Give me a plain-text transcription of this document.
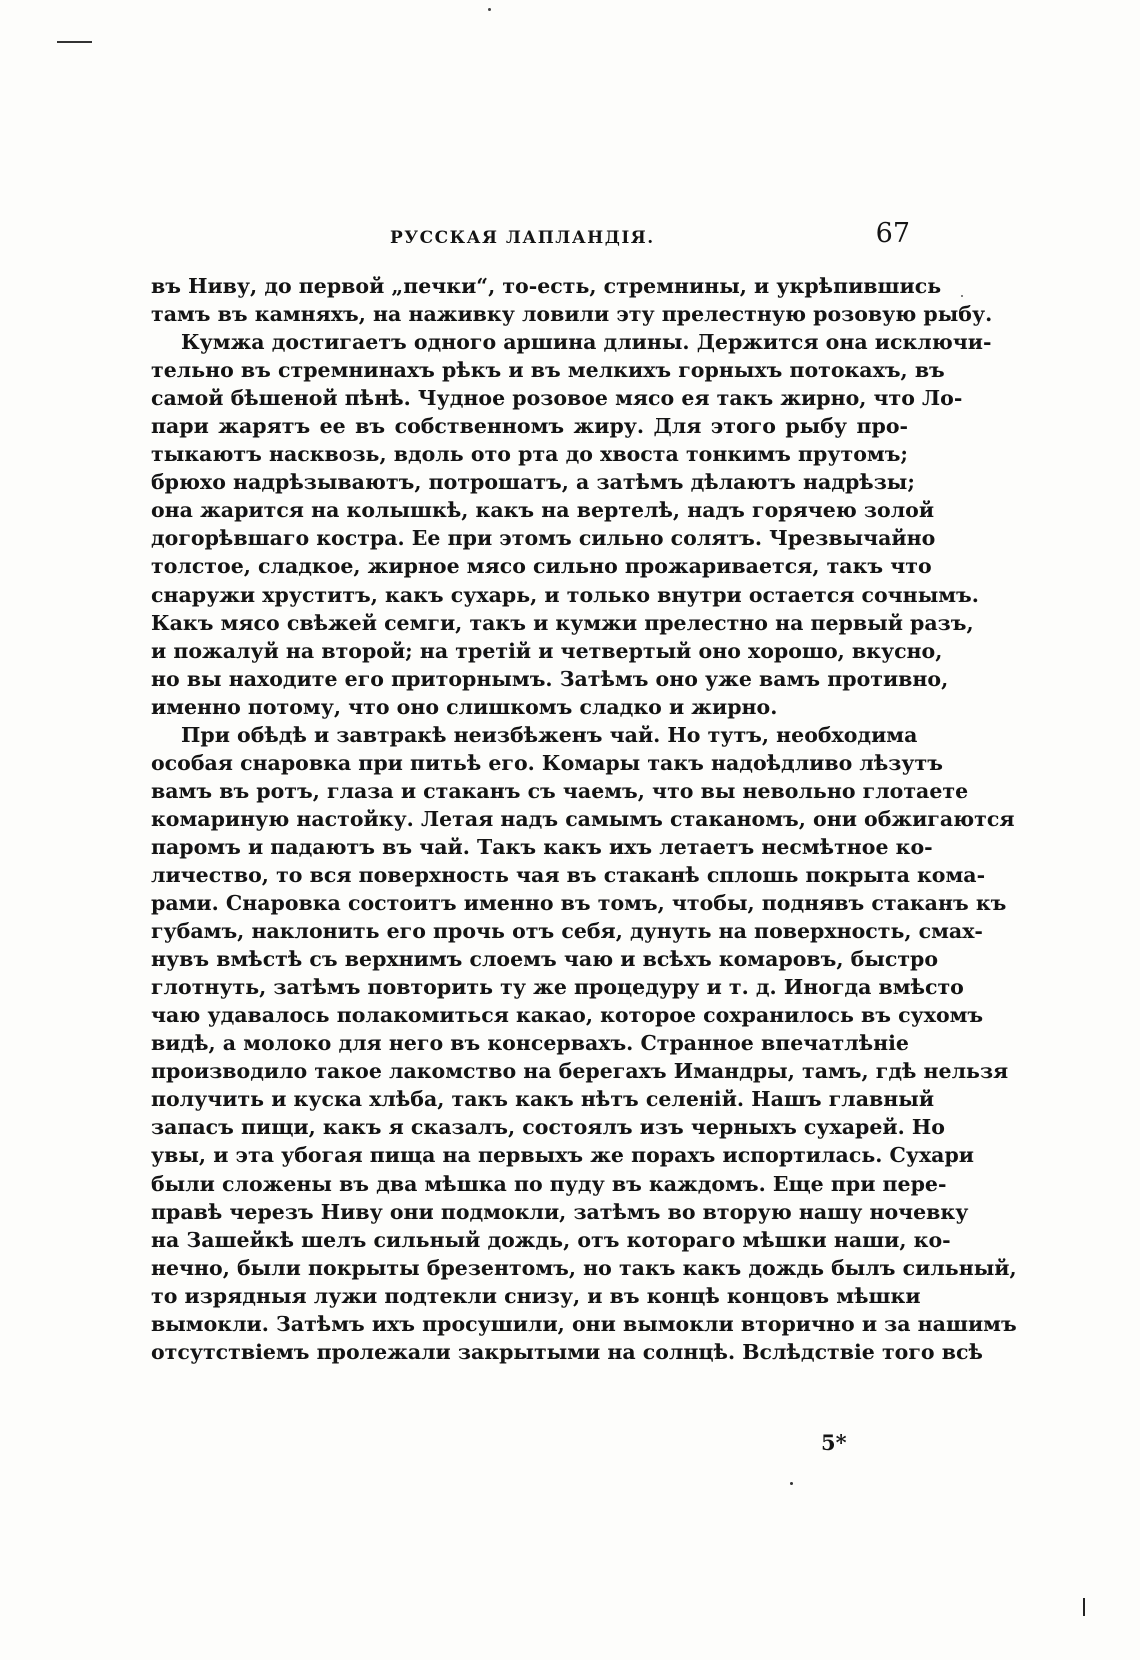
РУССКАЯ ЛАПЛАНДІЯ.	67
въ Ниву, до первой „печки“, то-есть, стремнины, и укрѣпившись
тамъ въ камняхъ, на наживку ловили эту прелестную розовую рыбу.
Кумжа достигаетъ одного аршина длины. Держится она исключи-
тельно въ стремнинахъ рѣкъ и въ мелкихъ горныхъ потокахъ, въ
самой бѣшеной пѣнѣ. Чудное розовое мясо ея такъ жирно, что Ло-
пари жарятъ ее въ собственномъ жиру. Для этого рыбу про-
тыкаютъ насквозь, вдоль ото рта до хвоста тонкимъ прутомъ;
брюхо надрѣзываютъ, потрошатъ, а затѣмъ дѣлаютъ надрѣзы;
она жарится на колышкѣ, какъ на вертелѣ, надъ горячею золой
догорѣвшаго костра. Ее при этомъ сильно солятъ. Чрезвычайно
толстое, сладкое, жирное мясо сильно прожаривается, такъ что
снаружи хруститъ, какъ сухарь, и только внутри остается сочнымъ.
Какъ мясо свѣжей семги, такъ и кумжи прелестно на первый разъ,
и пожалуй на второй; на третій и четвертый оно хорошо, вкусно,
но вы находите его приторнымъ. Затѣмъ оно уже вамъ противно,
именно потому, что оно слишкомъ сладко и жирно.
При обѣдѣ и завтракѣ неизбѣженъ чай. Но тутъ, необходима
особая снаровка при питьѣ его. Комары такъ надоѣдливо лѣзутъ
вамъ въ ротъ, глаза и стаканъ съ чаемъ, что вы невольно глотаете
комариную настойку. Летая надъ самымъ стаканомъ, они обжигаются
паромъ и падаютъ въ чай. Такъ какъ ихъ летаетъ несмѣтное ко-
личество, то вся поверхность чая въ стаканѣ сплошь покрыта кома-
рами. Снаровка состоитъ именно въ томъ, чтобы, поднявъ стаканъ къ
губамъ, наклонить его прочь отъ себя, дунуть на поверхность, смах-
нувъ вмѣстѣ съ верхнимъ слоемъ чаю и всѣхъ комаровъ, быстро
глотнуть, затѣмъ повторить ту же процедуру и т. д. Иногда вмѣсто
чаю удавалось полакомиться какао, которое сохранилось въ сухомъ
видѣ, а молоко для него въ консервахъ. Странное впечатлѣніе
производило такое лакомство на берегахъ Имандры, тамъ, гдѣ нельзя
получить и куска хлѣба, такъ какъ нѣтъ селеній. Нашъ главный
запасъ пищи, какъ я сказалъ, состоялъ изъ черныхъ сухарей. Но
увы, и эта убогая пища на первыхъ же порахъ испортилась. Сухари
были сложены въ два мѣшка по пуду въ каждомъ. Еще при пере-
правѣ черезъ Ниву они подмокли, затѣмъ во вторую нашу ночевку
на Зашейкѣ шелъ сильный дождь, отъ котораго мѣшки наши, ко-
нечно, были покрыты брезентомъ, но такъ какъ дождь былъ сильный,
то изрядныя лужи подтекли снизу, и въ концѣ концовъ мѣшки
вымокли. Затѣмъ ихъ просушили, они вымокли вторично и за нашимъ
отсутствіемъ пролежали закрытыми на солнцѣ. Вслѣдствіе того всѣ
5*
